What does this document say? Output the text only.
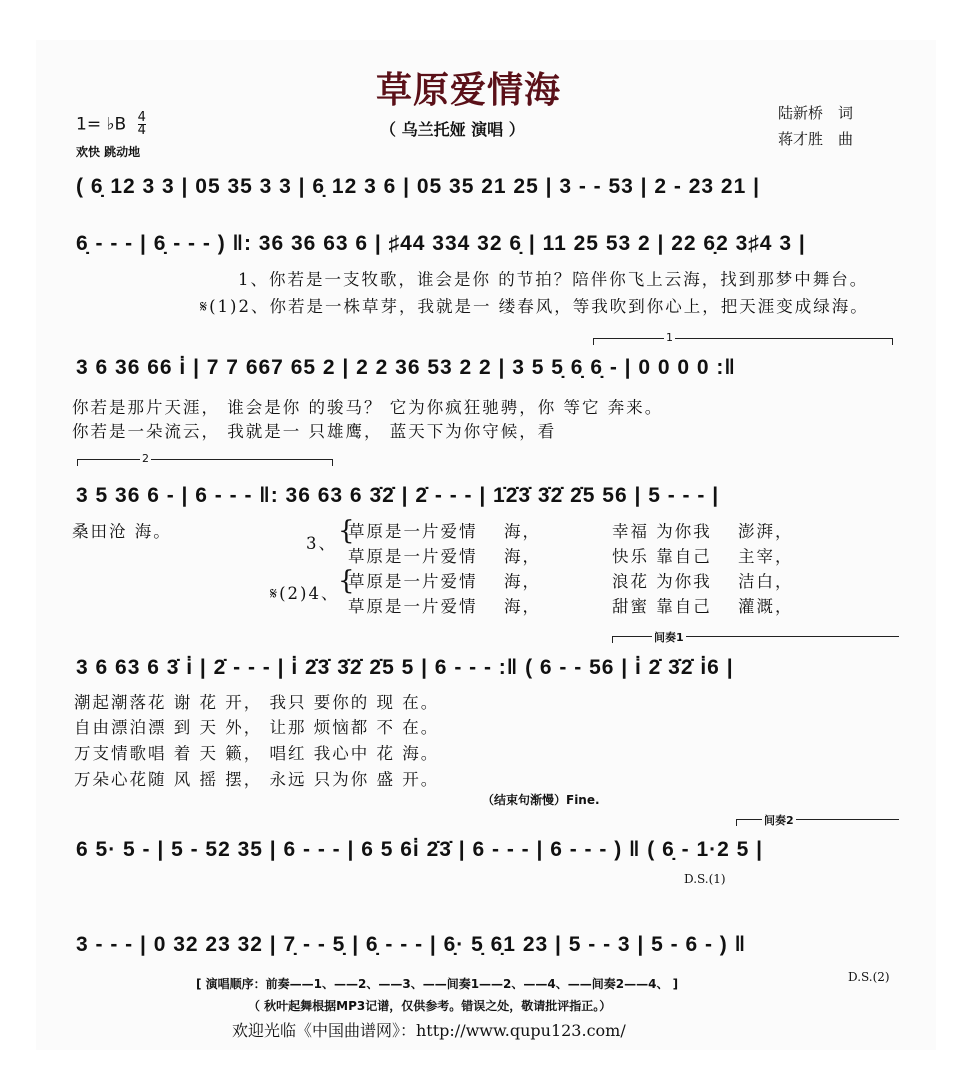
草原爱情海
（ 乌兰托娅 演唱 ）
1= ♭B $\frac{4}{4}$
欢快 跳动地
陆新桥　词
蒋才胜　曲
( 6̣ 12 3 3 | 05 35 3 3 | 6̣ 12 3 6 | 05 35 21 25 | 3 - - 53 | 2 - 23 21 |
6̣ - - - | 6̣ - - - ) ‖: 36 36 63 6 | ♯44 334 32 6̣ | 11 25 53 2 | 22 6̣2 3♯4 3 |
1、你若是一支牧歌，谁会是你 的节拍？陪伴你飞上云海，找到那梦中舞台。
𝄋(1)2、你若是一株草芽，我就是一 缕春风，等我吹到你心上，把天涯变成绿海。
1
3 6 36 66 i̇ | 7 7 667 65 2 | 2 2 36 53 2 2 | 3 5 5̣ 6̣ 6̣ - | 0 0 0 0 :‖
你若是那片天涯， 谁会是你 的骏马？ 它为你疯狂驰骋，你 等它 奔来。
你若是一朵流云， 我就是一 只雄鹰， 蓝天下为你守候，看
2
3 5 36 6 - | 6 - - - ‖: 36 63 6 3̇2̇ | 2̇ - - - | 1̇2̇3̇ 3̇2̇ 2̇5 56 | 5 - - - |
桑田沧 海。
3、
𝄋(2)4、
{
{
草原是一片爱情 海，	幸福 为你我 澎湃，
草原是一片爱情 海，	快乐 靠自己 主宰，
草原是一片爱情 海，	浪花 为你我 洁白，
草原是一片爱情 海，	甜蜜 靠自己 灌溉，
间奏1
3 6 63 6 3̇ i̇ | 2̇ - - - | i̇ 2̇3̇ 3̇2̇ 2̇5 5 | 6 - - - :‖ ( 6 - - 56 | i̇ 2̇ 3̇2̇ i̇6 |
潮起潮落花 谢 花 开， 我只 要你的 现 在。
自由漂泊漂 到 天 外， 让那 烦恼都 不 在。
万支情歌唱 着 天 籁， 唱红 我心中 花 海。
万朵心花随 风 摇 摆， 永远 只为你 盛 开。
（结束句渐慢）Fine.
间奏2
6 5· 5 - | 5 - 52 35 | 6 - - - | 6 5 6i̇ 2̇3̇ | 6 - - - | 6 - - - ) ‖ ( 6̣ - 1·2 5 |
D.S.(1)
3 - - - | 0 32 23 32 | 7̣ - - 5̣ | 6̣ - - - | 6̣· 5̣ 6̣1 23 | 5 - - 3 | 5 - 6 - ) ‖
D.S.(2)
[ 演唱顺序：前奏——1、——2、——3、——间奏1——2、——4、——间奏2——4、 ]
（ 秋叶起舞根据MP3记谱，仅供参考。错误之处，敬请批评指正。）
欢迎光临《中国曲谱网》：http://www.qupu123.com/
